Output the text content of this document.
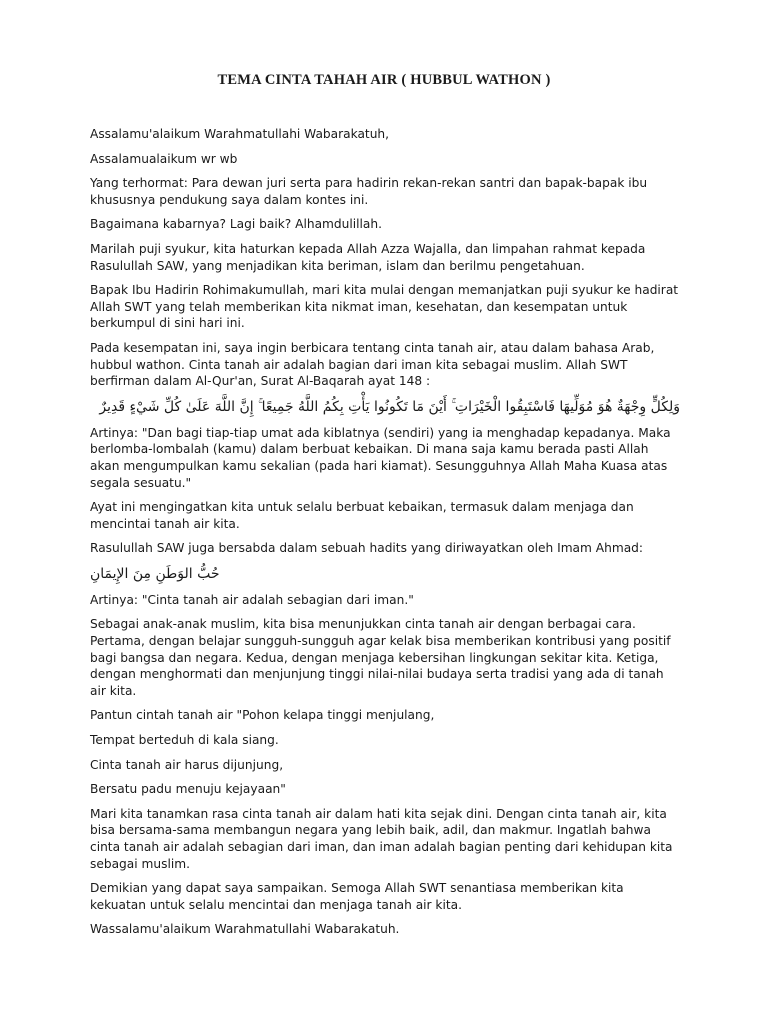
TEMA CINTA TAHAH AIR ( HUBBUL WATHON )

Assalamu'alaikum Warahmatullahi Wabarakatuh,

Assalamualaikum wr wb

Yang terhormat: Para dewan juri serta para hadirin rekan-rekan santri dan bapak-bapak ibu khususnya pendukung saya dalam kontes ini.

Bagaimana kabarnya? Lagi baik? Alhamdulillah.

Marilah puji syukur, kita haturkan kepada Allah Azza Wajalla, dan limpahan rahmat kepada Rasulullah SAW, yang menjadikan kita beriman, islam dan berilmu pengetahuan.

Bapak Ibu Hadirin Rohimakumullah, mari kita mulai dengan memanjatkan puji syukur ke hadirat Allah SWT yang telah memberikan kita nikmat iman, kesehatan, dan kesempatan untuk berkumpul di sini hari ini.

Pada kesempatan ini, saya ingin berbicara tentang cinta tanah air, atau dalam bahasa Arab, hubbul wathon. Cinta tanah air adalah bagian dari iman kita sebagai muslim. Allah SWT berfirman dalam Al-Qur'an, Surat Al-Baqarah ayat 148 :

وَلِكُلٍّ وِجْهَةٌ هُوَ مُوَلِّيهَا فَاسْتَبِقُوا الْخَيْرَاتِ ۚ أَيْنَ مَا تَكُونُوا يَأْتِ بِكُمُ اللَّهُ جَمِيعًا ۚ إِنَّ اللَّهَ عَلَىٰ كُلِّ شَيْءٍ قَدِيرٌ

Artinya: "Dan bagi tiap-tiap umat ada kiblatnya (sendiri) yang ia menghadap kepadanya. Maka berlomba-lombalah (kamu) dalam berbuat kebaikan. Di mana saja kamu berada pasti Allah akan mengumpulkan kamu sekalian (pada hari kiamat). Sesungguhnya Allah Maha Kuasa atas segala sesuatu."

Ayat ini mengingatkan kita untuk selalu berbuat kebaikan, termasuk dalam menjaga dan mencintai tanah air kita.

Rasulullah SAW juga bersabda dalam sebuah hadits yang diriwayatkan oleh Imam Ahmad:

حُبُّ الوَطَنِ مِنَ الإِيمَانِ

Artinya: "Cinta tanah air adalah sebagian dari iman."

Sebagai anak-anak muslim, kita bisa menunjukkan cinta tanah air dengan berbagai cara. Pertama, dengan belajar sungguh-sungguh agar kelak bisa memberikan kontribusi yang positif bagi bangsa dan negara. Kedua, dengan menjaga kebersihan lingkungan sekitar kita. Ketiga, dengan menghormati dan menjunjung tinggi nilai-nilai budaya serta tradisi yang ada di tanah air kita.

Pantun cintah tanah air "Pohon kelapa tinggi menjulang,

Tempat berteduh di kala siang.

Cinta tanah air harus dijunjung,

Bersatu padu menuju kejayaan"

Mari kita tanamkan rasa cinta tanah air dalam hati kita sejak dini. Dengan cinta tanah air, kita bisa bersama-sama membangun negara yang lebih baik, adil, dan makmur. Ingatlah bahwa cinta tanah air adalah sebagian dari iman, dan iman adalah bagian penting dari kehidupan kita sebagai muslim.

Demikian yang dapat saya sampaikan. Semoga Allah SWT senantiasa memberikan kita kekuatan untuk selalu mencintai dan menjaga tanah air kita.

Wassalamu'alaikum Warahmatullahi Wabarakatuh.
